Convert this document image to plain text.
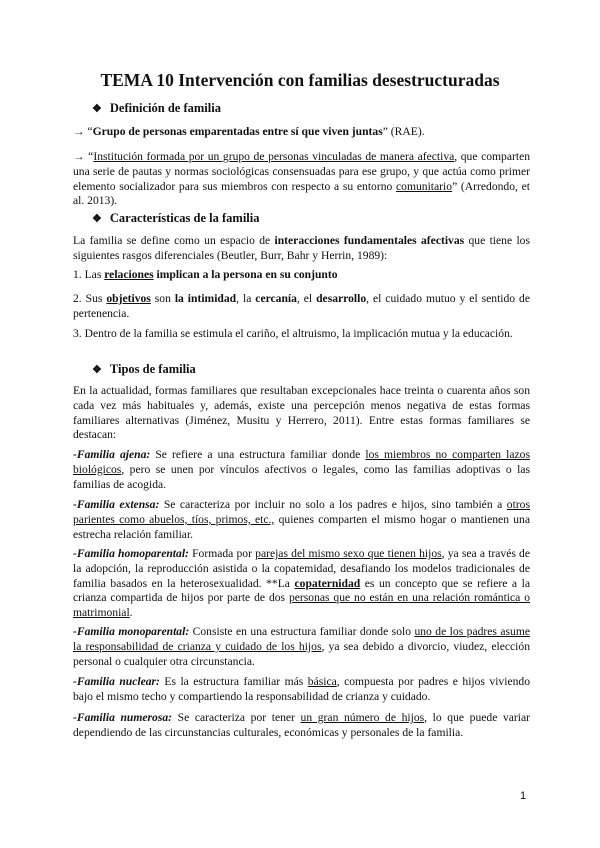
TEMA 10 Intervención con familias desestructuradas
❖ Definición de familia

→ “Grupo de personas emparentadas entre sí que viven juntas” (RAE).

→ “Institución formada por un grupo de personas vinculadas de manera afectiva, que comparten una serie de pautas y normas sociológicas consensuadas para ese grupo, y que actúa como primer elemento socializador para sus miembros con respecto a su entorno comunitario” (Arredondo, et al. 2013).

❖ Características de la familia

La familia se define como un espacio de interacciones fundamentales afectivas que tiene los siguientes rasgos diferenciales (Beutler, Burr, Bahr y Herrin, 1989):

1. Las relaciones implican a la persona en su conjunto

2. Sus objetivos son la intimidad, la cercanía, el desarrollo, el cuidado mutuo y el sentido de pertenencia.

3. Dentro de la familia se estimula el cariño, el altruismo, la implicación mutua y la educación.

❖ Tipos de familia

En la actualidad, formas familiares que resultaban excepcionales hace treinta o cuarenta años son cada vez más habituales y, además, existe una percepción menos negativa de estas formas familiares alternativas (Jiménez, Musitu y Herrero, 2011). Entre estas formas familiares se destacan:

-Familia ajena: Se refiere a una estructura familiar donde los miembros no comparten lazos biológicos, pero se unen por vínculos afectivos o legales, como las familias adoptivas o las familias de acogida.

-Familia extensa: Se caracteriza por incluir no solo a los padres e hijos, sino también a otros parientes como abuelos, tíos, primos, etc., quienes comparten el mismo hogar o mantienen una estrecha relación familiar.

-Familia homoparental: Formada por parejas del mismo sexo que tienen hijos, ya sea a través de la adopción, la reproducción asistida o la copatemidad, desafiando los modelos tradicionales de familia basados en la heterosexualidad. **La copaternidad es un concepto que se refiere a la crianza compartida de hijos por parte de dos personas que no están en una relación romántica o matrimonial.

-Familia monoparental: Consiste en una estructura familiar donde solo uno de los padres asume la responsabilidad de crianza y cuidado de los hijos, ya sea debido a divorcio, viudez, elección personal o cualquier otra circunstancia.

-Familia nuclear: Es la estructura familiar más básica, compuesta por padres e hijos viviendo bajo el mismo techo y compartiendo la responsabilidad de crianza y cuidado.

-Familia numerosa: Se caracteriza por tener un gran número de hijos, lo que puede variar dependiendo de las circunstancias culturales, económicas y personales de la familia.

1
